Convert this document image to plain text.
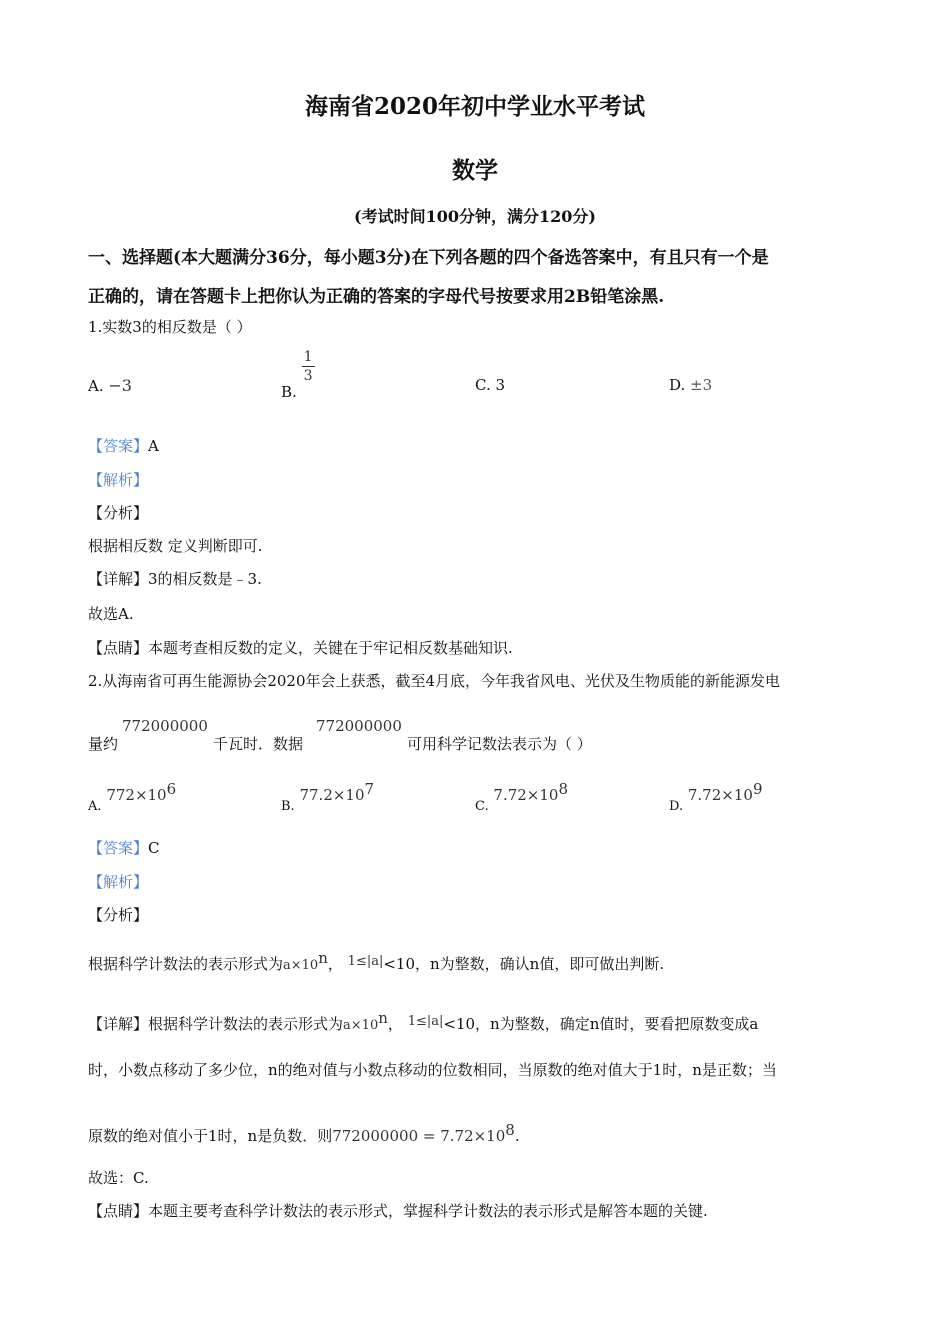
海南省2020年初中学业水平考试
数学
(考试时间100分钟，满分120分)
一、选择题(本大题满分36分，每小题3分)在下列各题的四个备选答案中，有且只有一个是
正确的，请在答题卡上把你认为正确的答案的字母代号按要求用2B铅笔涂黑.
1.实数3的相反数是（ ）
A. −3	B.
$\frac{1}{3}$
C. 3	D. ±3
【答案】A
【解析】
【分析】
根据相反数 定义判断即可.
【详解】3的相反数是﹣3.
故选A.
【点睛】本题考查相反数的定义，关键在于牢记相反数基础知识.
2.从海南省可再生能源协会2020年会上获悉，截至4月底，今年我省风电、光伏及生物质能的新能源发电
量约
772000000
千瓦时．数据
772000000
可用科学记数法表示为（ ）
A. $772\times 10^6$
B. $77.2\times 10^7$
C. $7.72\times 10^8$
D. $7.72\times 10^9$
【答案】C
【解析】
【分析】
根据科学计数法的表示形式为$a\times 10^n$， 1≤|a|<10，n为整数，确认n值，即可做出判断.
【详解】根据科学计数法的表示形式为$a\times 10^n$， 1≤|a|<10，n为整数，确定n值时，要看把原数变成a
时，小数点移动了多少位，n的绝对值与小数点移动的位数相同，当原数的绝对值大于1时，n是正数；当
原数的绝对值小于1时，n是负数．则$772000000 = 7.72\times 10^8$.
故选：C.
【点睛】本题主要考查科学计数法的表示形式，掌握科学计数法的表示形式是解答本题的关键.
